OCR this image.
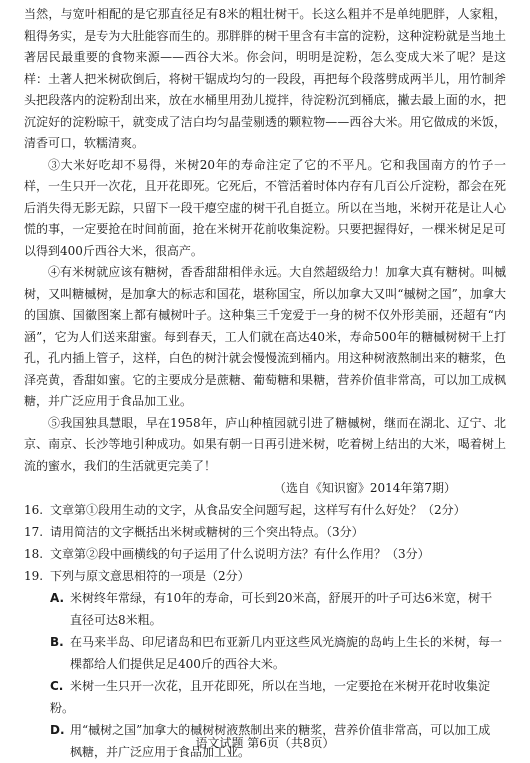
当然，与宽叶相配的是它那直径足有8米的粗壮树干。长这么粗并不是单纯肥胖，人家粗，粗得务实，是专为大肚能容而生的。那胖胖的树干里含有丰富的淀粉，这种淀粉就是当地土著居民最重要的食物来源——西谷大米。你会问，明明是淀粉，怎么变成大米了呢？是这样：土著人把米树砍倒后，将树干锯成均匀的一段段，再把每个段落劈成两半儿，用竹制斧头把段落内的淀粉刮出来，放在水桶里用劲儿搅拌，待淀粉沉到桶底，撇去最上面的水，把沉淀好的淀粉晾干，就变成了洁白均匀晶莹剔透的颗粒物——西谷大米。用它做成的米饭，清香可口，软糯清爽。

③大米好吃却不易得，米树20年的寿命注定了它的不平凡。它和我国南方的竹子一样，一生只开一次花，且开花即死。它死后，不管活着时体内存有几百公斤淀粉，都会在死后消失得无影无踪，只留下一段干瘪空虚的树干孔自挺立。所以在当地，米树开花是让人心慌的事，一定要抢在时间前面，抢在米树开花前收集淀粉。只要把握得好，一棵米树足足可以得到400斤西谷大米，很高产。

④有米树就应该有糖树，香香甜甜相伴永远。大自然超级给力！加拿大真有糖树。叫槭树，又叫糖槭树，是加拿大的标志和国花，堪称国宝，所以加拿大又叫“槭树之国”，加拿大的国旗、国徽图案上都有槭树叶子。这种集三千宠爱于一身的树不仅外形美丽，还超有“内涵”，它为人们送来甜蜜。每到春天，工人们就在高达40米，寿命500年的糖槭树树干上打孔，孔内插上管子，这样，白色的树汁就会慢慢流到桶内。用这种树液熬制出来的糖浆，色泽亮黄，香甜如蜜。它的主要成分是蔗糖、葡萄糖和果糖，营养价值非常高，可以加工成枫糖，并广泛应用于食品加工业。

⑤我国独具慧眼，早在1958年，庐山种植园就引进了糖槭树，继而在湖北、辽宁、北京、南京、长沙等地引种成功。如果有朝一日再引进米树，吃着树上结出的大米，喝着树上流的蜜水，我们的生活就更完美了！

（选自《知识窗》2014年第7期）

16. 文章第①段用生动的文字，从食品安全问题写起，这样写有什么好处？（2分）

17. 请用简洁的文字概括出米树或糖树的三个突出特点。（3分）

18. 文章第②段中画横线的句子运用了什么说明方法？有什么作用？（3分）

19. 下列与原文意思相符的一项是（2分）

A. 米树终年常绿，有10年的寿命，可长到20米高，舒展开的叶子可达6米宽，树干

直径可达8米粗。

B. 在马来半岛、印尼诸岛和巴布亚新几内亚这些风光旖旎的岛屿上生长的米树，每一

棵都给人们提供足足400斤的西谷大米。

C. 米树一生只开一次花，且开花即死，所以在当地，一定要抢在米树开花时收集淀粉。

D. 用“槭树之国”加拿大的槭树树液熬制出来的糖浆，营养价值非常高，可以加工成

枫糖，并广泛应用于食品加工业。

语文试题 第6页（共8页）
